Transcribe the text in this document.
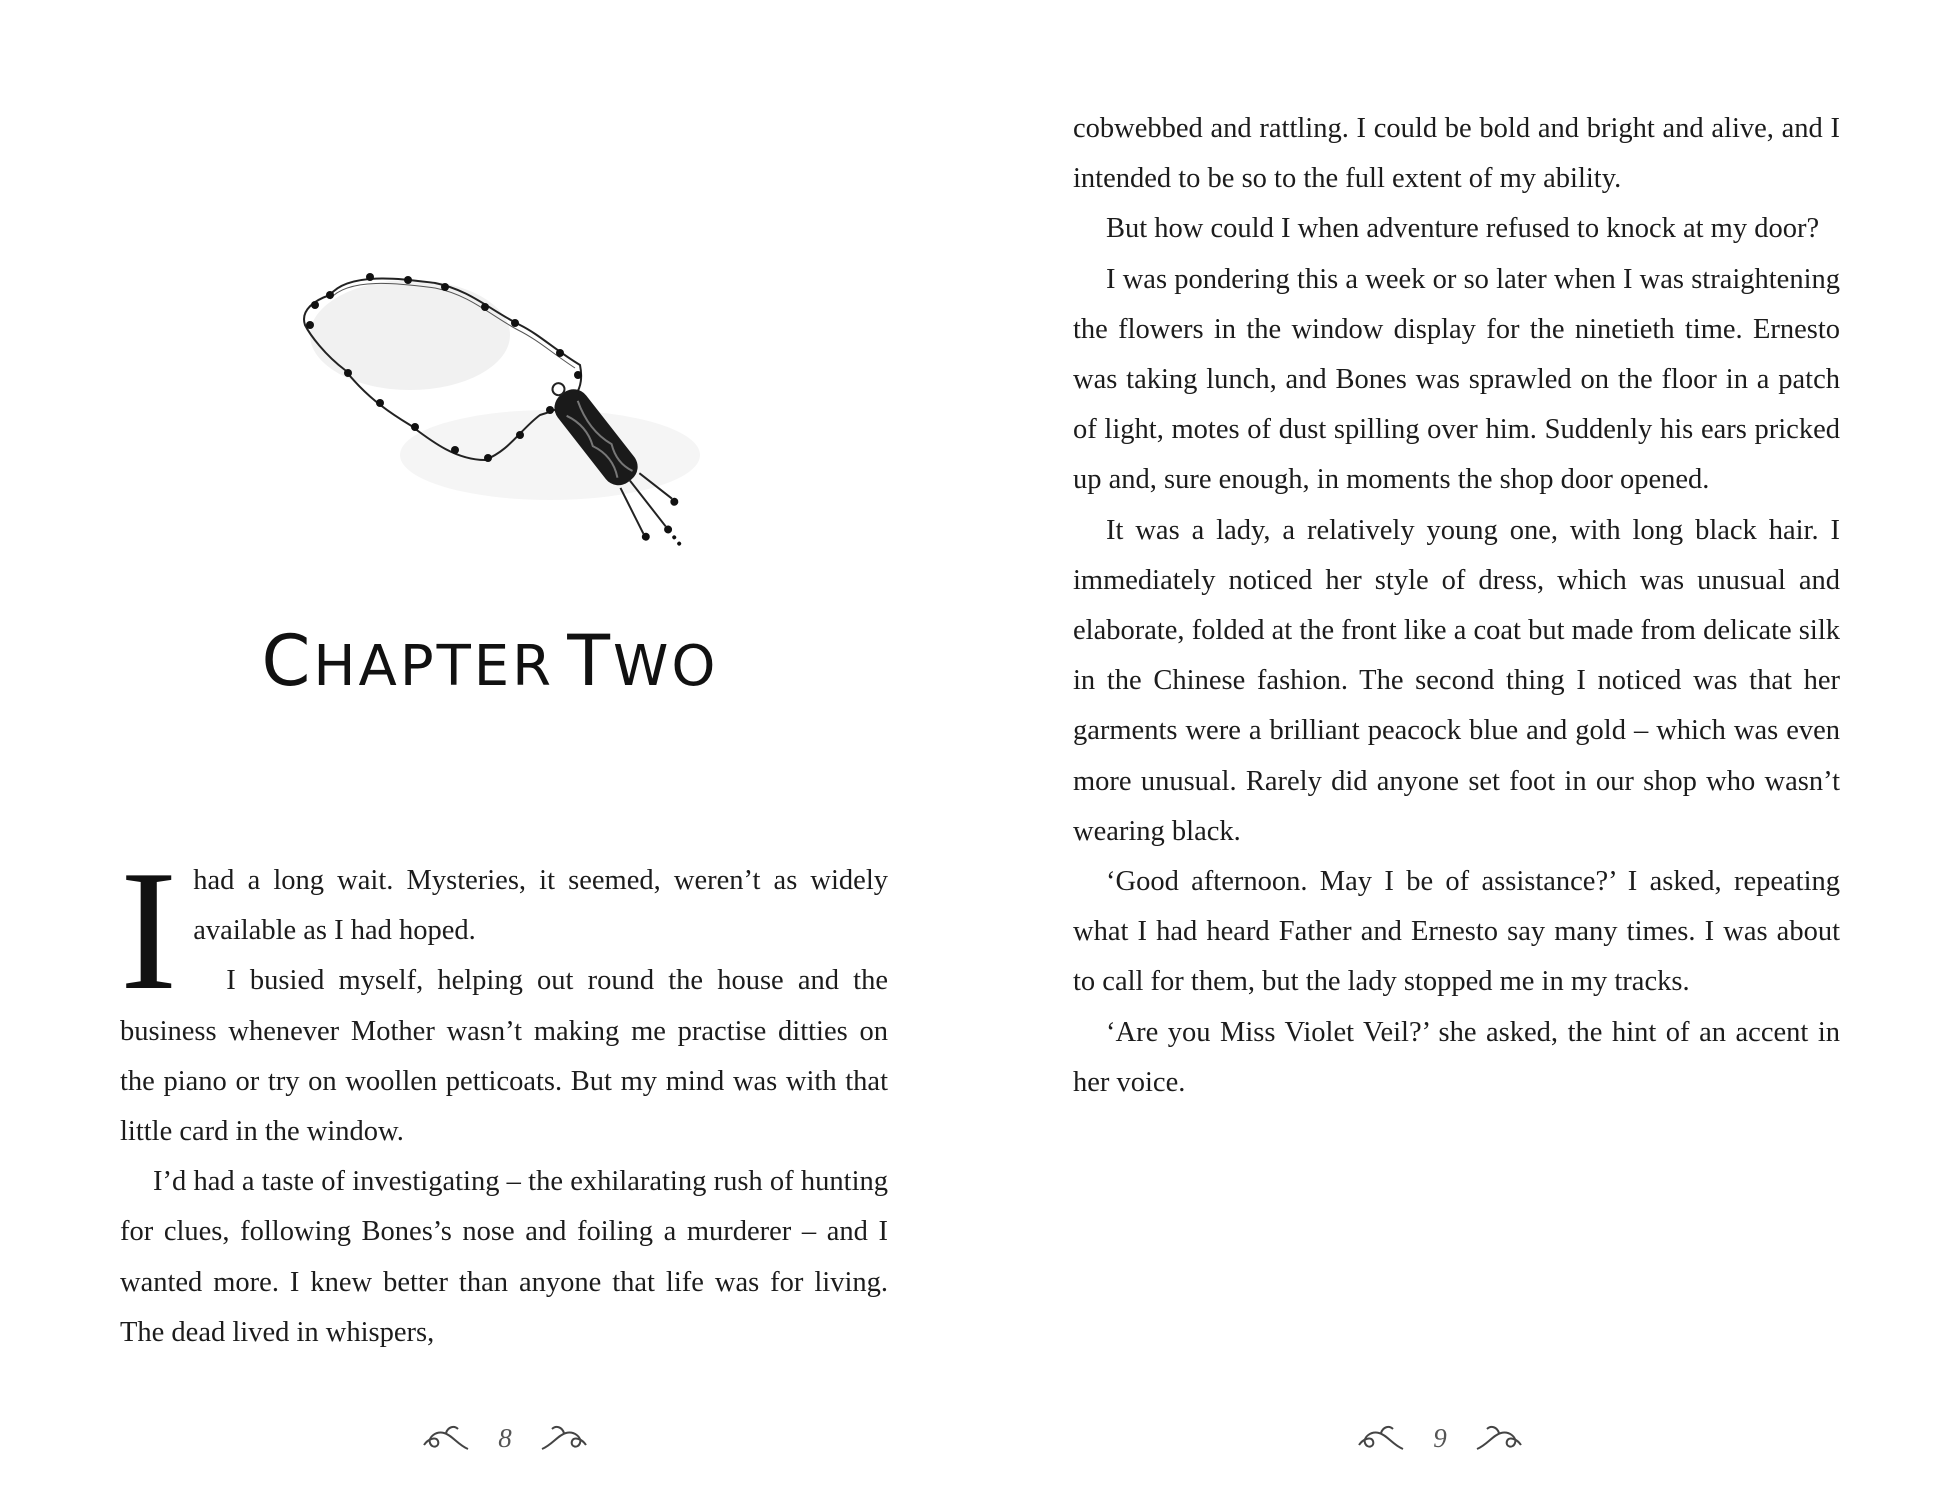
CHAPTER TWO

Ihad a long wait. Mysteries, it seemed, weren’t as widely available as I had hoped.

I busied myself, helping out round the house and the business whenever Mother wasn’t making me practise ditties on the piano or try on woollen petticoats. But my mind was with that little card in the window.

I’d had a taste of investigating – the exhilarating rush of hunting for clues, following Bones’s nose and foiling a murderer – and I wanted more. I knew better than anyone that life was for living. The dead lived in whispers,

8

cobwebbed and rattling. I could be bold and bright and alive, and I intended to be so to the full extent of my ability.

But how could I when adventure refused to knock at my door?

I was pondering this a week or so later when I was straightening the flowers in the window display for the ninetieth time. Ernesto was taking lunch, and Bones was sprawled on the floor in a patch of light, motes of dust spilling over him. Suddenly his ears pricked up and, sure enough, in moments the shop door opened.

It was a lady, a relatively young one, with long black hair. I immediately noticed her style of dress, which was unusual and elaborate, folded at the front like a coat but made from delicate silk in the Chinese fashion. The second thing I noticed was that her garments were a brilliant peacock blue and gold – which was even more unusual. Rarely did anyone set foot in our shop who wasn’t wearing black.

‘Good afternoon. May I be of assistance?’ I asked, repeating what I had heard Father and Ernesto say many times. I was about to call for them, but the lady stopped me in my tracks.

‘Are you Miss Violet Veil?’ she asked, the hint of an accent in her voice.

9
